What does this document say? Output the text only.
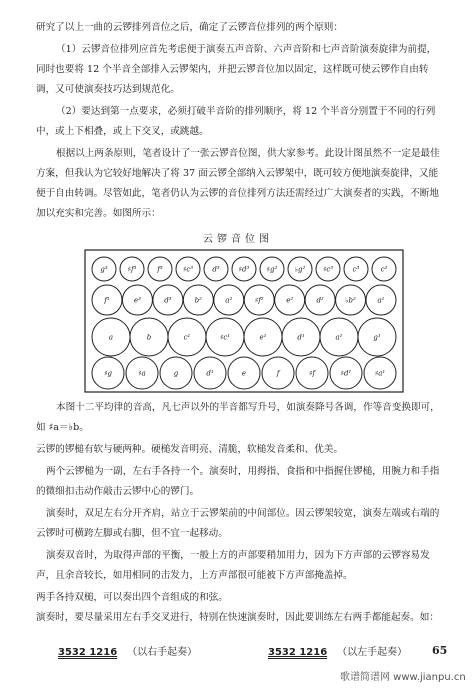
研究了以上一曲的云锣排列音位之后，确定了云锣音位排列的两个原则：

（1）云锣音位排列应首先考虑便于演奏五声音阶、六声音阶和七声音阶演奏旋律为前提，同时也要将 12 个半音全部排入云锣架内，并把云锣音位加以固定，这样既可使云锣作自由转调，又可使演奏技巧达到规范化。

（2）要达到第一点要求，必须打破半音阶的排列顺序，将 12 个半音分别置于不同的行列中，或上下相叠，或上下交叉，或跳越。

根据以上两条原则，笔者设计了一张云锣音位图，供大家参考。此设计图虽然不一定是最佳方案，但我认为它较好地解决了将 37 面云锣全部纳入云锣架中，既可较方便地演奏旋律，又能便于自由转调。尽管如此，笔者仍认为云锣的音位排列方法还需经过广大演奏者的实践，不断地加以充实和完善。如图所示：

云锣音位图
g³	♯f³	f³	♯c³	d³	♯d³ ♯g² ♭g²	♯c³	c³	c²
f¹	e³	d³	b²	a²	♯f²	e²	d²	♭b²	a¹
a	b	c¹	♯c¹	e¹	d¹	a¹	g¹
♯g	♯a	g	d¹	e	f	♯f	♯d¹	♯a¹

本图十二平均律的音高，凡七声以外的半音都写升号，如演奏降号各调，作等音变换即可，如 ♯a＝♭b。

云锣的锣槌有软与硬两种。硬槌发音明亮、清脆，软槌发音柔和、优美。

两个云锣槌为一副，左右手各持一个。演奏时，用拇指、食指和中指握住锣槌，用腕力和手指的微细扣击动作敲击云锣中心的锣门。

演奏时，双足左右分开齐肩，站立于云锣架前的中间部位。因云锣架较宽，演奏左端或右端的云锣时可横跨左脚或右脚，但不宜一起移动。

演奏双音时，为取得声部的平衡，一般上方的声部要稍加用力，因为下方声部的云锣容易发声，且余音较长，如用相同的击发力，上方声部很可能被下方声部掩盖掉。

两手各持双槌，可以奏出四个音组成的和弦。

演奏时，要尽量采用左右手交叉进行，特别在快速演奏时，因此要训练左右两手都能起奏。如：

3532 1216 （以右手起奏）	3532 1216 （以左手起奏） 65
歌谱简谱网 www.jianpu.cn
